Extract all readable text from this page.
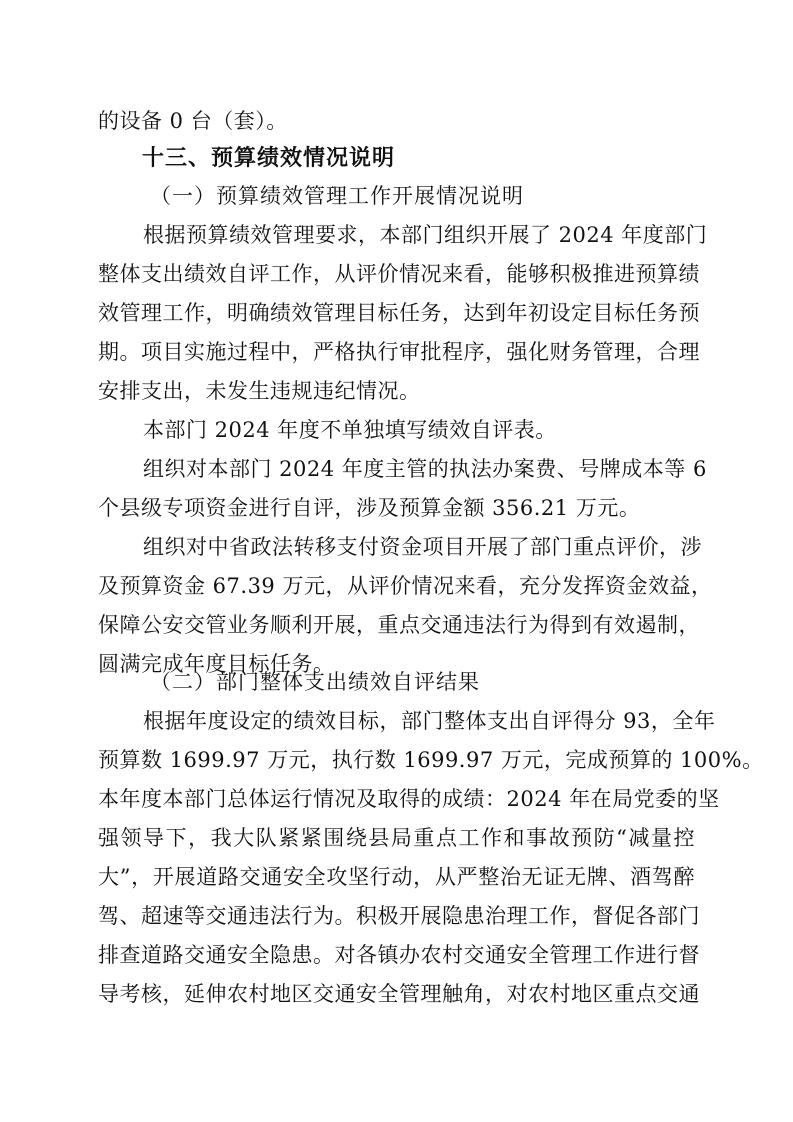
的设备 0 台（套）。
十三、预算绩效情况说明
（一）预算绩效管理工作开展情况说明
根据预算绩效管理要求，本部门组织开展了 2024 年度部门
整体支出绩效自评工作，从评价情况来看，能够积极推进预算绩
效管理工作，明确绩效管理目标任务，达到年初设定目标任务预
期。项目实施过程中，严格执行审批程序，强化财务管理，合理
安排支出，未发生违规违纪情况。
本部门 2024 年度不单独填写绩效自评表。
组织对本部门 2024 年度主管的执法办案费、号牌成本等 6
个县级专项资金进行自评，涉及预算金额 356.21 万元。
组织对中省政法转移支付资金项目开展了部门重点评价，涉
及预算资金 67.39 万元，从评价情况来看，充分发挥资金效益，
保障公安交管业务顺利开展，重点交通违法行为得到有效遏制，
圆满完成年度目标任务。
（二）部门整体支出绩效自评结果
根据年度设定的绩效目标，部门整体支出自评得分 93，全年
预算数 1699.97 万元，执行数 1699.97 万元，完成预算的 100%。
本年度本部门总体运行情况及取得的成绩：2024 年在局党委的坚
强领导下，我大队紧紧围绕县局重点工作和事故预防“减量控
大”，开展道路交通安全攻坚行动，从严整治无证无牌、酒驾醉
驾、超速等交通违法行为。积极开展隐患治理工作，督促各部门
排查道路交通安全隐患。对各镇办农村交通安全管理工作进行督
导考核，延伸农村地区交通安全管理触角，对农村地区重点交通
